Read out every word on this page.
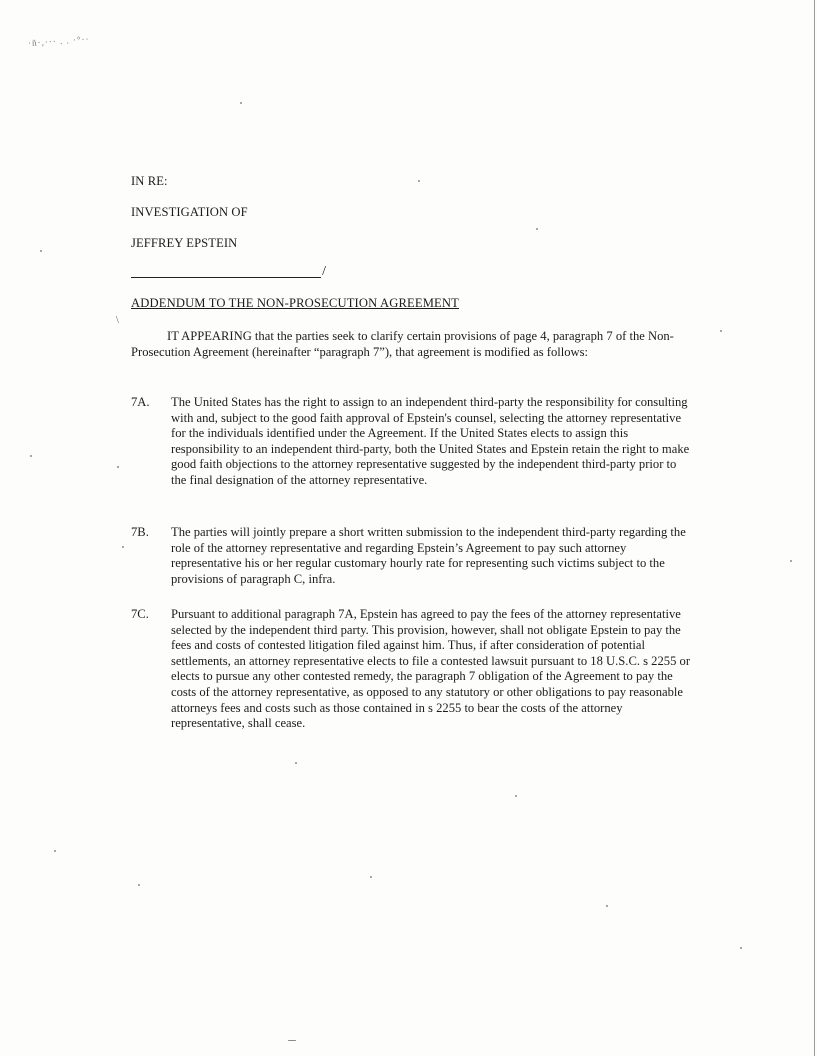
·ñ·,··· . . ·°··
\

IN RE:

INVESTIGATION OF

JEFFREY EPSTEIN

/

ADDENDUM TO THE NON-PROSECUTION AGREEMENT

IT APPEARING that the parties seek to clarify certain provisions of page 4, paragraph 7 of the Non-Prosecution Agreement (hereinafter “paragraph 7”), that agreement is modified as follows:

7A. The United States has the right to assign to an independent third-party the responsibility for consulting with and, subject to the good faith approval of Epstein's counsel, selecting the attorney representative for the individuals identified under the Agreement. If the United States elects to assign this responsibility to an independent third-party, both the United States and Epstein retain the right to make good faith objections to the attorney representative suggested by the independent third-party prior to the final designation of the attorney representative.

7B. The parties will jointly prepare a short written submission to the independent third-party regarding the role of the attorney representative and regarding Epstein’s Agreement to pay such attorney representative his or her regular customary hourly rate for representing such victims subject to the provisions of paragraph C, infra.

7C. Pursuant to additional paragraph 7A, Epstein has agreed to pay the fees of the attorney representative selected by the independent third party. This provision, however, shall not obligate Epstein to pay the fees and costs of contested litigation filed against him. Thus, if after consideration of potential settlements, an attorney representative elects to file a contested lawsuit pursuant to 18 U.S.C. s 2255 or elects to pursue any other contested remedy, the paragraph 7 obligation of the Agreement to pay the costs of the attorney representative, as opposed to any statutory or other obligations to pay reasonable attorneys fees and costs such as those contained in s 2255 to bear the costs of the attorney representative, shall cease.
